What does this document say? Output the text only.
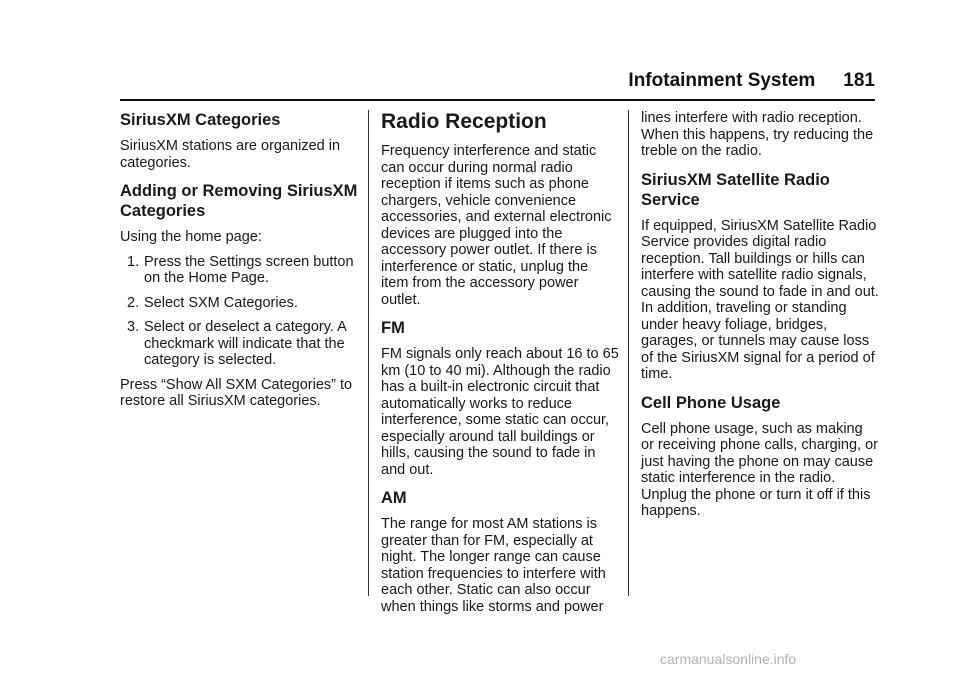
Infotainment System 181
SiriusXM Categories

SiriusXM stations are organized in categories.

Adding or Removing SiriusXM Categories

Using the home page:

1. Press the Settings screen button on the Home Page.
2. Select SXM Categories.
3. Select or deselect a category. A checkmark will indicate that the category is selected.

Press “Show All SXM Categories” to restore all SiriusXM categories.

Radio Reception

Frequency interference and static can occur during normal radio reception if items such as phone chargers, vehicle convenience accessories, and external electronic devices are plugged into the accessory power outlet. If there is interference or static, unplug the item from the accessory power outlet.

FM

FM signals only reach about 16 to 65 km (10 to 40 mi). Although the radio has a built-in electronic circuit that automatically works to reduce interference, some static can occur, especially around tall buildings or hills, causing the sound to fade in and out.

AM

The range for most AM stations is greater than for FM, especially at night. The longer range can cause station frequencies to interfere with each other. Static can also occur when things like storms and power

lines interfere with radio reception. When this happens, try reducing the treble on the radio.

SiriusXM Satellite Radio Service

If equipped, SiriusXM Satellite Radio Service provides digital radio reception. Tall buildings or hills can interfere with satellite radio signals, causing the sound to fade in and out. In addition, traveling or standing under heavy foliage, bridges, garages, or tunnels may cause loss of the SiriusXM signal for a period of time.

Cell Phone Usage

Cell phone usage, such as making or receiving phone calls, charging, or just having the phone on may cause static interference in the radio. Unplug the phone or turn it off if this happens.

carmanualsonline.info
